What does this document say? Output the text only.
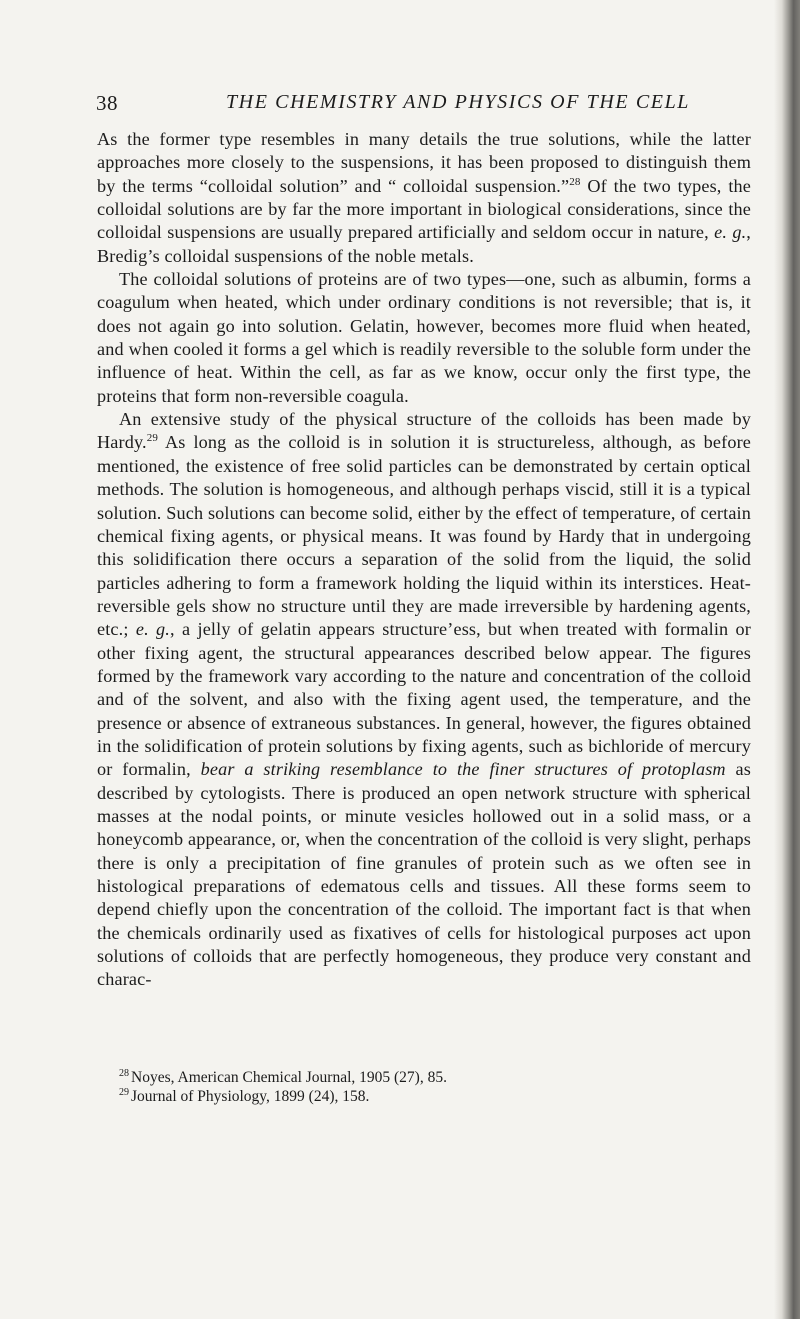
38	THE CHEMISTRY AND PHYSICS OF THE CELL

As the former type resembles in many details the true solutions, while the latter approaches more closely to the suspensions, it has been proposed to distinguish them by the terms “colloidal solution” and “ colloidal suspension.”$^{28}$ Of the two types, the colloidal solutions are by far the more important in biological considerations, since the colloidal suspensions are usually prepared artificially and seldom occur in nature, e. g., Bredig’s colloidal suspensions of the noble metals.

The colloidal solutions of proteins are of two types—one, such as albumin, forms a coagulum when heated, which under ordinary conditions is not reversible; that is, it does not again go into solution. Gelatin, however, becomes more fluid when heated, and when cooled it forms a gel which is readily reversible to the soluble form under the influence of heat. Within the cell, as far as we know, occur only the first type, the proteins that form non-reversible coagula.

An extensive study of the physical structure of the colloids has been made by Hardy.$^{29}$ As long as the colloid is in solution it is structureless, although, as before mentioned, the existence of free solid particles can be demonstrated by certain optical methods. The solution is homogeneous, and although perhaps viscid, still it is a typical solution. Such solutions can become solid, either by the effect of temperature, of certain chemical fixing agents, or physical means. It was found by Hardy that in undergoing this solidification there occurs a separation of the solid from the liquid, the solid particles adhering to form a framework holding the liquid within its interstices. Heat-reversible gels show no structure until they are made irreversible by hardening agents, etc.; e. g., a jelly of gelatin appears structure’ess, but when treated with formalin or other fixing agent, the structural appearances described below appear. The figures formed by the framework vary according to the nature and concentration of the colloid and of the solvent, and also with the fixing agent used, the temperature, and the presence or absence of extraneous substances. In general, however, the figures obtained in the solidification of protein solutions by fixing agents, such as bichloride of mercury or formalin, bear a striking resemblance to the finer structures of protoplasm as described by cytologists. There is produced an open network structure with spherical masses at the nodal points, or minute vesicles hollowed out in a solid mass, or a honeycomb appearance, or, when the concentration of the colloid is very slight, perhaps there is only a precipitation of fine granules of protein such as we often see in histological preparations of edematous cells and tissues. All these forms seem to depend chiefly upon the concentration of the colloid. The important fact is that when the chemicals ordinarily used as fixatives of cells for histological purposes act upon solutions of colloids that are perfectly homogeneous, they produce very constant and charac-

$^{28}$ Noyes, American Chemical Journal, 1905 (27), 85.
$^{29}$ Journal of Physiology, 1899 (24), 158.
